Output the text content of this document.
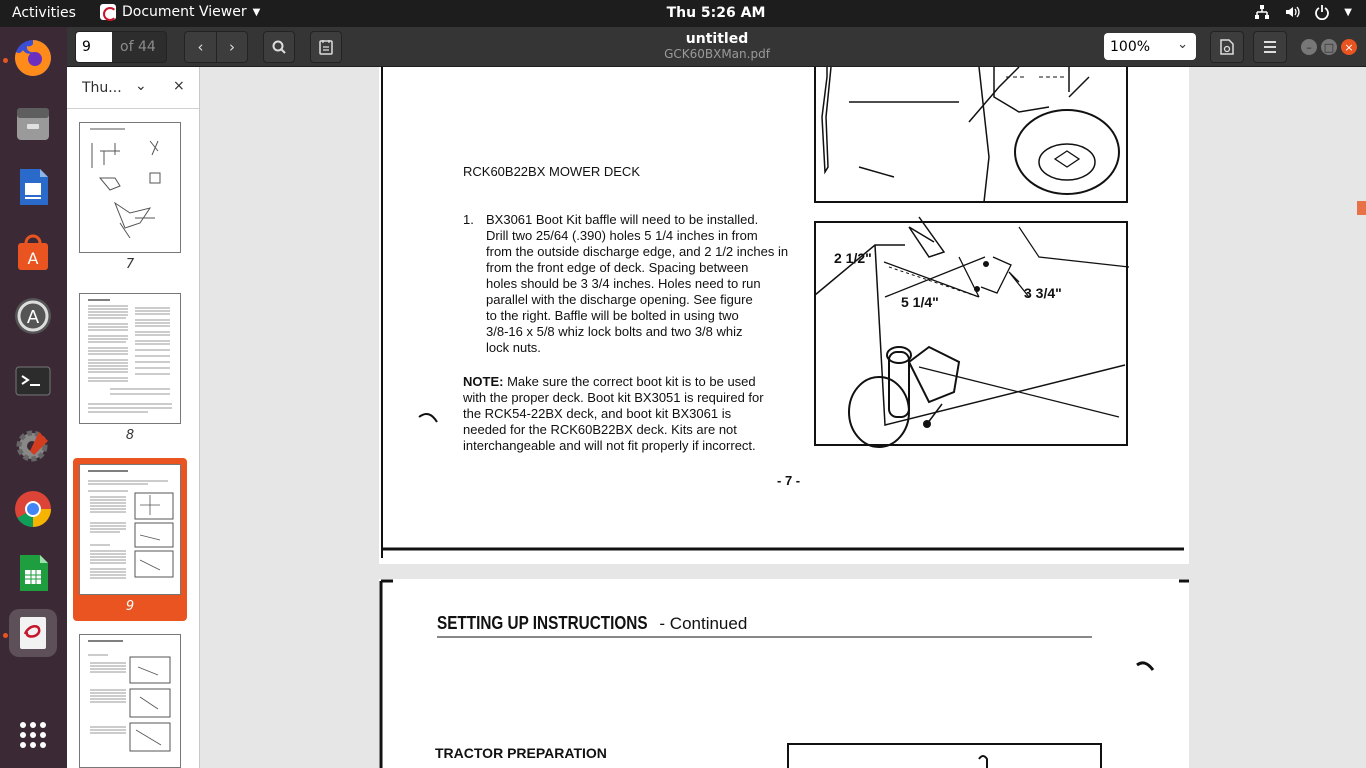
Activities	Document Viewer ▼	Thu 5:26 AM	▼
A
A
9
of 44	‹ ›	untitled
GCK60BXMan.pdf	100% ⌄	– □ ×
Thu... ⌄ ×
7
8
9
RCK60B22BX MOWER DECK
1. BX3061 Boot Kit baffle will need to be installed.
Drill two 25/64 (.390) holes 5 1/4 inches in from
from the outside discharge edge, and 2 1/2 inches in
from the front edge of deck. Spacing between
holes should be 3 3/4 inches. Holes need to run
parallel with the discharge opening. See figure
to the right. Baffle will be bolted in using two
3/8-16 x 5/8 whiz lock bolts and two 3/8 whiz
lock nuts.
NOTE: Make sure the correct boot kit is to be used
with the proper deck. Boot kit BX3051 is required for
the RCK54-22BX deck, and boot kit BX3061 is
needed for the RCK60B22BX deck. Kits are not
interchangeable and will not fit properly if incorrect.
- 7 -
2 1/2"
5 1/4"
3 3/4"
SETTING UP INSTRUCTIONS - Continued
TRACTOR PREPARATION
